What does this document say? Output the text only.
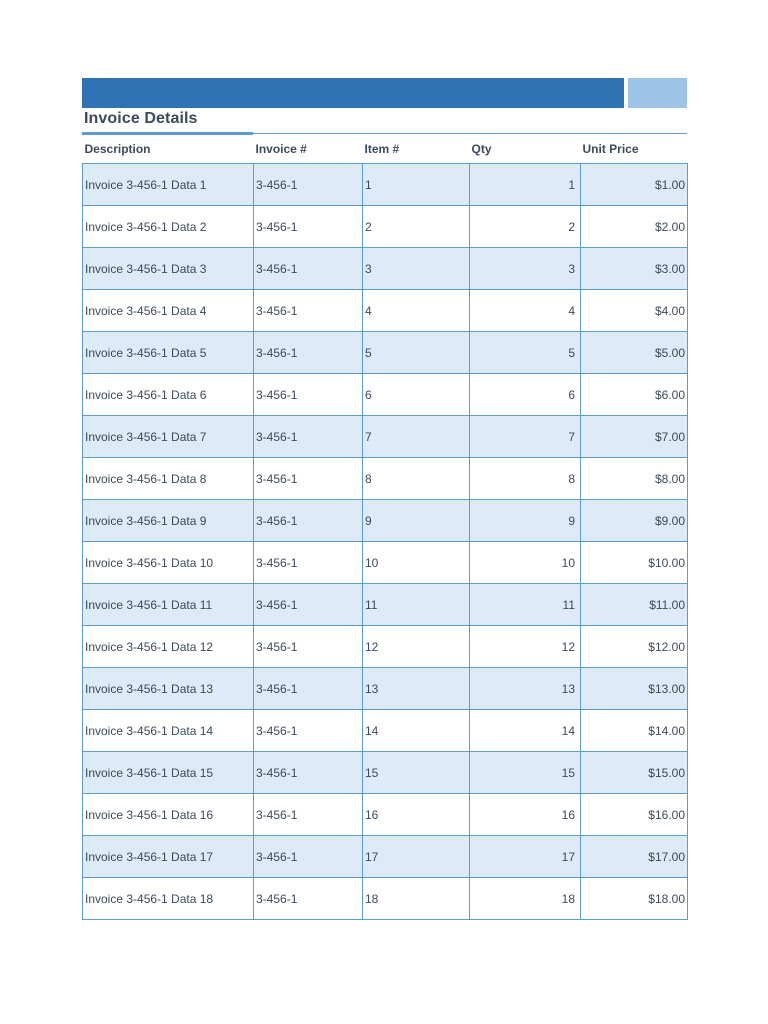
Invoice Details
Description	Invoice #	Item #	Qty	Unit Price
Invoice 3-456-1 Data 1	3-456-1	1	1	$1.00
Invoice 3-456-1 Data 2	3-456-1	2	2	$2.00
Invoice 3-456-1 Data 3	3-456-1	3	3	$3.00
Invoice 3-456-1 Data 4	3-456-1	4	4	$4.00
Invoice 3-456-1 Data 5	3-456-1	5	5	$5.00
Invoice 3-456-1 Data 6	3-456-1	6	6	$6.00
Invoice 3-456-1 Data 7	3-456-1	7	7	$7.00
Invoice 3-456-1 Data 8	3-456-1	8	8	$8.00
Invoice 3-456-1 Data 9	3-456-1	9	9	$9.00
Invoice 3-456-1 Data 10	3-456-1	10	10	$10.00
Invoice 3-456-1 Data 11	3-456-1	11	11	$11.00
Invoice 3-456-1 Data 12	3-456-1	12	12	$12.00
Invoice 3-456-1 Data 13	3-456-1	13	13	$13.00
Invoice 3-456-1 Data 14	3-456-1	14	14	$14.00
Invoice 3-456-1 Data 15	3-456-1	15	15	$15.00
Invoice 3-456-1 Data 16	3-456-1	16	16	$16.00
Invoice 3-456-1 Data 17	3-456-1	17	17	$17.00
Invoice 3-456-1 Data 18	3-456-1	18	18	$18.00
